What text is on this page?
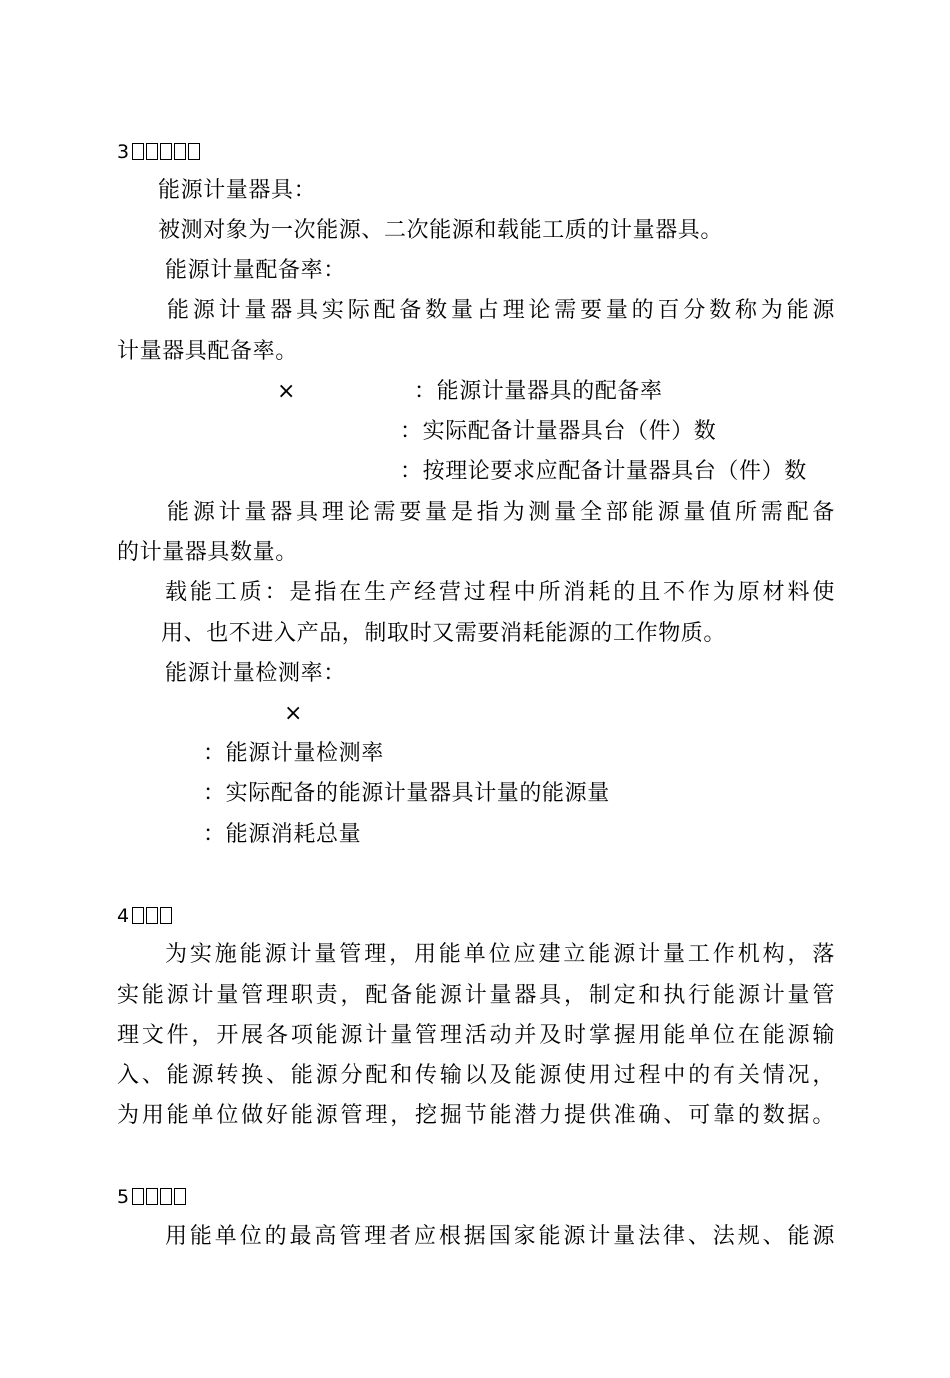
3
能源计量器具：
被测对象为一次能源、二次能源和载能工质的计量器具。
能源计量配备率：
能源计量器具实际配备数量占理论需要量的百分数称为能源
计量器具配备率。
×	：能源计量器具的配备率
：实际配备计量器具台（件）数
：按理论要求应配备计量器具台（件）数
能源计量器具理论需要量是指为测量全部能源量值所需配备
的计量器具数量。
载能工质：是指在生产经营过程中所消耗的且不作为原材料使
用、也不进入产品，制取时又需要消耗能源的工作物质。
能源计量检测率：
×
：能源计量检测率
：实际配备的能源计量器具计量的能源量
：能源消耗总量
4
为实施能源计量管理，用能单位应建立能源计量工作机构，落
实能源计量管理职责，配备能源计量器具，制定和执行能源计量管
理文件，开展各项能源计量管理活动并及时掌握用能单位在能源输
入、能源转换、能源分配和传输以及能源使用过程中的有关情况，
为用能单位做好能源管理，挖掘节能潜力提供准确、可靠的数据。
5
用能单位的最高管理者应根据国家能源计量法律、法规、能源
